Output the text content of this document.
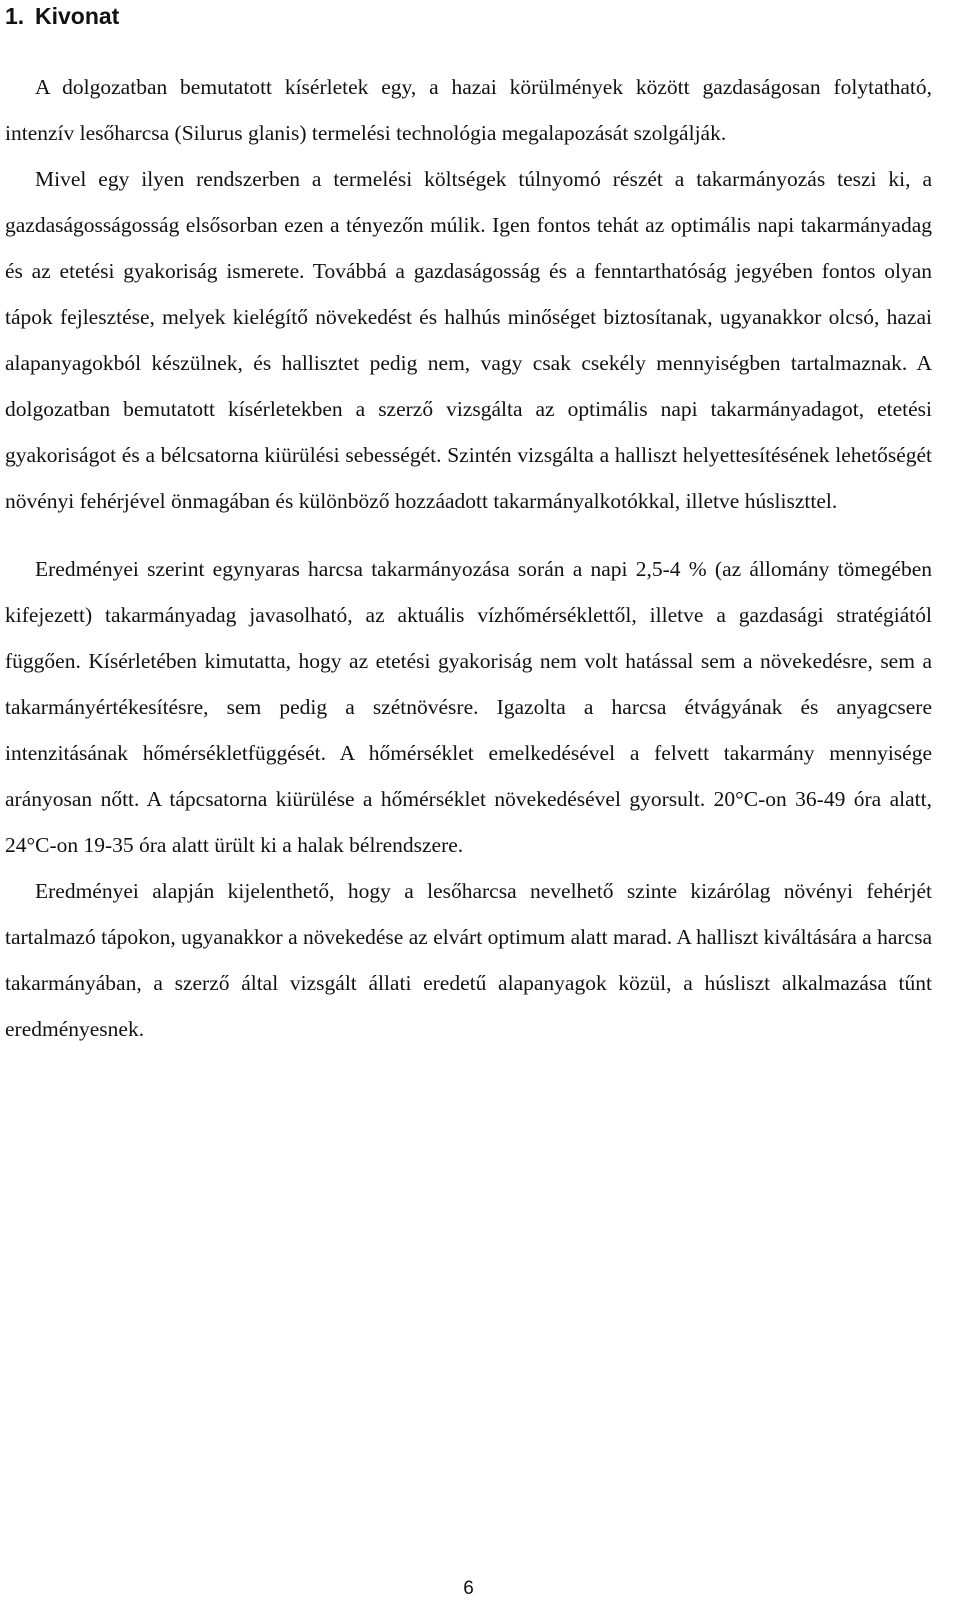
1. Kivonat

A dolgozatban bemutatott kísérletek egy, a hazai körülmények között gazdaságosan folytatható, intenzív lesőharcsa (Silurus glanis) termelési technológia megalapozását szolgálják.

Mivel egy ilyen rendszerben a termelési költségek túlnyomó részét a takarmányozás teszi ki, a gazdaságosságosság elsősorban ezen a tényezőn múlik. Igen fontos tehát az optimális napi takarmányadag és az etetési gyakoriság ismerete. Továbbá a gazdaságosság és a fenntarthatóság jegyében fontos olyan tápok fejlesztése, melyek kielégítő növekedést és halhús minőséget biztosítanak, ugyanakkor olcsó, hazai alapanyagokból készülnek, és hallisztet pedig nem, vagy csak csekély mennyiségben tartalmaznak. A dolgozatban bemutatott kísérletekben a szerző vizsgálta az optimális napi takarmányadagot, etetési gyakoriságot és a bélcsatorna kiürülési sebességét. Szintén vizsgálta a halliszt helyettesítésének lehetőségét növényi fehérjével önmagában és különböző hozzáadott takarmányalkotókkal, illetve húsliszttel.

Eredményei szerint egynyaras harcsa takarmányozása során a napi 2,5-4 % (az állomány tömegében kifejezett) takarmányadag javasolható, az aktuális vízhőmérséklettől, illetve a gazdasági stratégiától függően. Kísérletében kimutatta, hogy az etetési gyakoriság nem volt hatással sem a növekedésre, sem a takarmányértékesítésre, sem pedig a szétnövésre. Igazolta a harcsa étvágyának és anyagcsere intenzitásának hőmérsékletfüggését. A hőmérséklet emelkedésével a felvett takarmány mennyisége arányosan nőtt. A tápcsatorna kiürülése a hőmérséklet növekedésével gyorsult. 20°C-on 36-49 óra alatt, 24°C-on 19-35 óra alatt ürült ki a halak bélrendszere.

Eredményei alapján kijelenthető, hogy a lesőharcsa nevelhető szinte kizárólag növényi fehérjét tartalmazó tápokon, ugyanakkor a növekedése az elvárt optimum alatt marad. A halliszt kiváltására a harcsa takarmányában, a szerző által vizsgált állati eredetű alapanyagok közül, a húsliszt alkalmazása tűnt eredményesnek.

6
